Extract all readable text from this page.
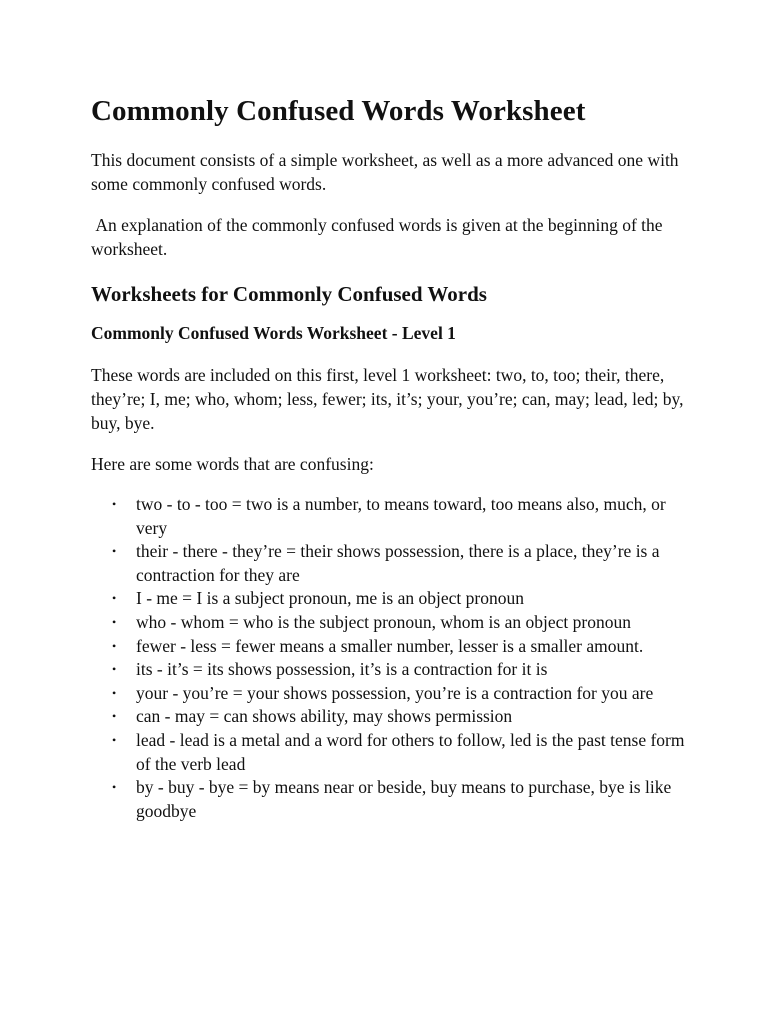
Commonly Confused Words Worksheet

This document consists of a simple worksheet, as well as a more advanced one with some commonly confused words.

An explanation of the commonly confused words is given at the beginning of the worksheet.

Worksheets for Commonly Confused Words
Commonly Confused Words Worksheet - Level 1

These words are included on this first, level 1 worksheet: two, to, too; their, there, they’re; I, me; who, whom; less, fewer; its, it’s; your, you’re; can, may; lead, led; by, buy, bye.

Here are some words that are confusing:

• two - to - too = two is a number, to means toward, too means also, much, or very
• their - there - they’re = their shows possession, there is a place, they’re is a contraction for they are
• I - me = I is a subject pronoun, me is an object pronoun
• who - whom = who is the subject pronoun, whom is an object pronoun
• fewer - less = fewer means a smaller number, lesser is a smaller amount.
• its - it’s = its shows possession, it’s is a contraction for it is
• your - you’re = your shows possession, you’re is a contraction for you are
• can - may = can shows ability, may shows permission
• lead - lead is a metal and a word for others to follow, led is the past tense form of the verb lead
• by - buy - bye = by means near or beside, buy means to purchase, bye is like goodbye
